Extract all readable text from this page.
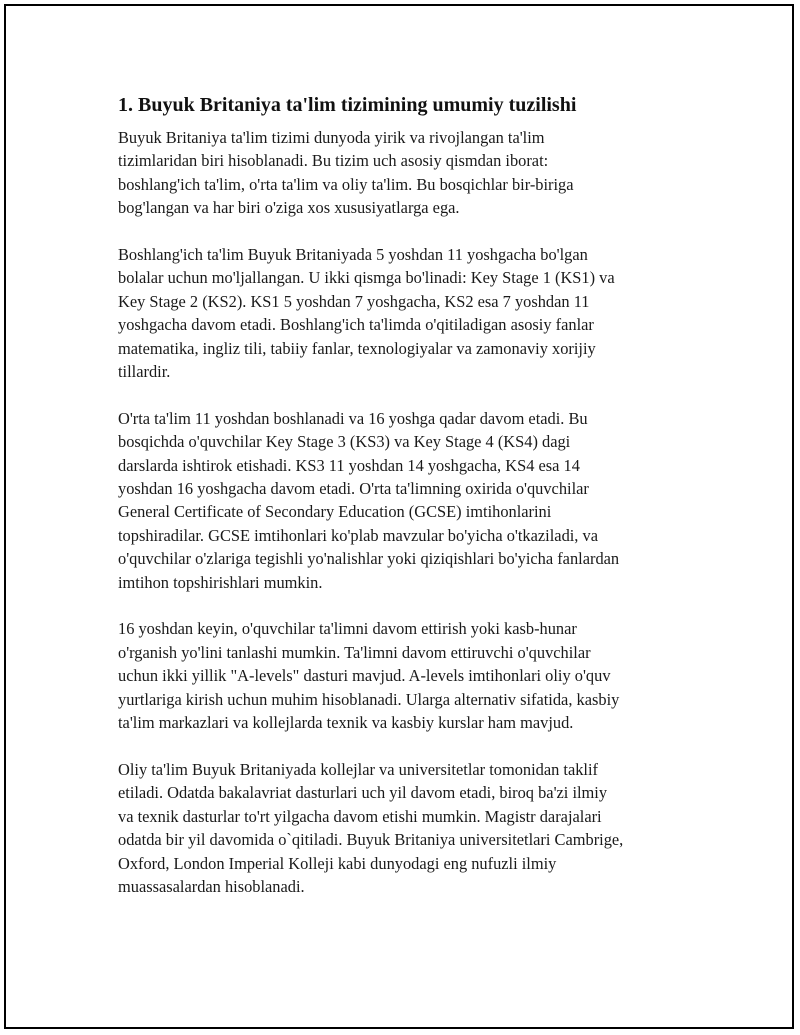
1. Buyuk Britaniya ta'lim tizimining umumiy tuzilishi

Buyuk Britaniya ta'lim tizimi dunyoda yirik va rivojlangan ta'lim
tizimlaridan biri hisoblanadi. Bu tizim uch asosiy qismdan iborat:
boshlang'ich ta'lim, o'rta ta'lim va oliy ta'lim. Bu bosqichlar bir-biriga
bog'langan va har biri o'ziga xos xususiyatlarga ega.

Boshlang'ich ta'lim Buyuk Britaniyada 5 yoshdan 11 yoshgacha bo'lgan
bolalar uchun mo'ljallangan. U ikki qismga bo'linadi: Key Stage 1 (KS1) va
Key Stage 2 (KS2). KS1 5 yoshdan 7 yoshgacha, KS2 esa 7 yoshdan 11
yoshgacha davom etadi. Boshlang'ich ta'limda o'qitiladigan asosiy fanlar
matematika, ingliz tili, tabiiy fanlar, texnologiyalar va zamonaviy xorijiy
tillardir.

O'rta ta'lim 11 yoshdan boshlanadi va 16 yoshga qadar davom etadi. Bu
bosqichda o'quvchilar Key Stage 3 (KS3) va Key Stage 4 (KS4) dagi
darslarda ishtirok etishadi. KS3 11 yoshdan 14 yoshgacha, KS4 esa 14
yoshdan 16 yoshgacha davom etadi. O'rta ta'limning oxirida o'quvchilar
General Certificate of Secondary Education (GCSE) imtihonlarini
topshiradilar. GCSE imtihonlari ko'plab mavzular bo'yicha o'tkaziladi, va
o'quvchilar o'zlariga tegishli yo'nalishlar yoki qiziqishlari bo'yicha fanlardan
imtihon topshirishlari mumkin.

16 yoshdan keyin, o'quvchilar ta'limni davom ettirish yoki kasb-hunar
o'rganish yo'lini tanlashi mumkin. Ta'limni davom ettiruvchi o'quvchilar
uchun ikki yillik "A-levels" dasturi mavjud. A-levels imtihonlari oliy o'quv
yurtlariga kirish uchun muhim hisoblanadi. Ularga alternativ sifatida, kasbiy
ta'lim markazlari va kollejlarda texnik va kasbiy kurslar ham mavjud.

Oliy ta'lim Buyuk Britaniyada kollejlar va universitetlar tomonidan taklif
etiladi. Odatda bakalavriat dasturlari uch yil davom etadi, biroq ba'zi ilmiy
va texnik dasturlar to'rt yilgacha davom etishi mumkin. Magistr darajalari
odatda bir yil davomida o`qitiladi. Buyuk Britaniya universitetlari Cambrige,
Oxford, London Imperial Kolleji kabi dunyodagi eng nufuzli ilmiy
muassasalardan hisoblanadi.
